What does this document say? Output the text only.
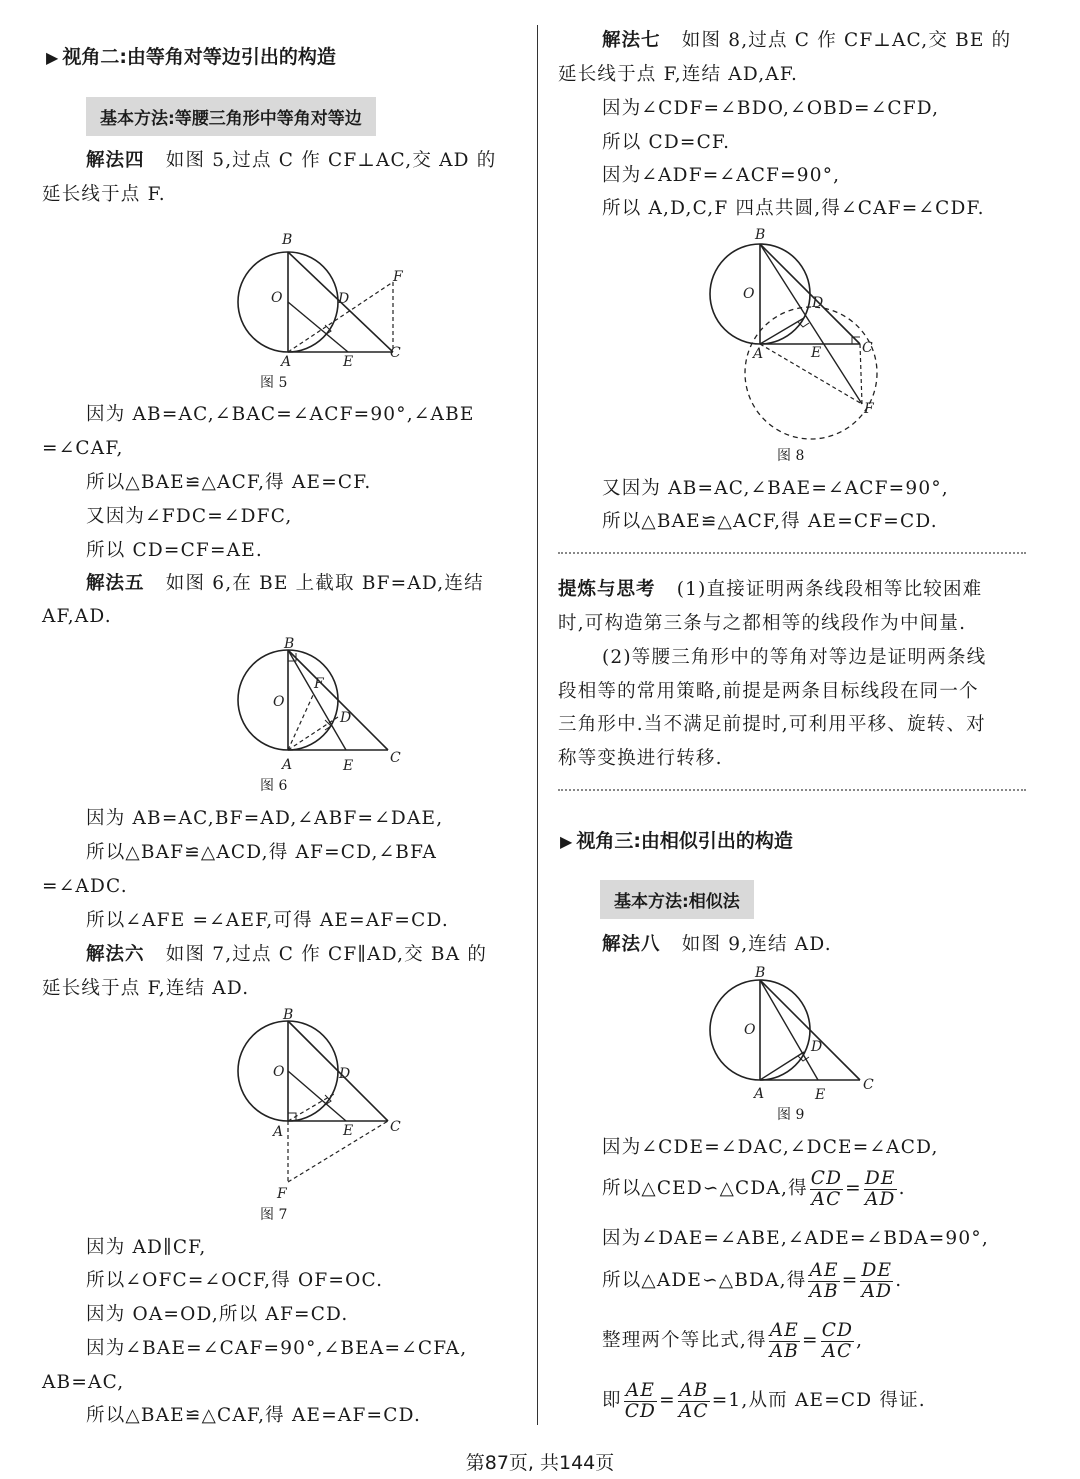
▶ 视角二:由等角对等边引出的构造
基本方法:等腰三角形中等角对等边
解法四 如图 5,过点 C 作 CF⊥AC,交 AD 的
延长线于点 F.
B
O	D
F
A	E
C
B
O
F
D
A	E	C
B
O	D
A	E	C
F
图 5
因为 AB=AC,∠BAC=∠ACF=90°,∠ABE
=∠CAF,
所以△BAE≌△ACF,得 AE=CF.
又因为∠FDC=∠DFC,
所以 CD=CF=AE.
解法五 如图 6,在 BE 上截取 BF=AD,连结
AF,AD.
图 6
因为 AB=AC,BF=AD,∠ABF=∠DAE,
所以△BAF≌△ACD,得 AF=CD,∠BFA
=∠ADC.
所以∠AFE =∠AEF,可得 AE=AF=CD.
解法六 如图 7,过点 C 作 CF∥AD,交 BA 的
延长线于点 F,连结 AD.
图 7
因为 AD∥CF,
所以∠OFC=∠OCF,得 OF=OC.
因为 OA=OD,所以 AF=CD.
因为∠BAE=∠CAF=90°,∠BEA=∠CFA,
AB=AC,
所以△BAE≌△CAF,得 AE=AF=CD.
解法七 如图 8,过点 C 作 CF⊥AC,交 BE 的
延长线于点 F,连结 AD,AF.
因为∠CDF=∠BDO,∠OBD=∠CFD,
所以 CD=CF.
因为∠ADF=∠ACF=90°,
所以 A,D,C,F 四点共圆,得∠CAF=∠CDF.
B
O
D
A	E	C
F
B
O
D
A	E
C
图 8
又因为 AB=AC,∠BAE=∠ACF=90°,
所以△BAE≌△ACF,得 AE=CF=CD.
提炼与思考 (1)直接证明两条线段相等比较困难
时,可构造第三条与之都相等的线段作为中间量.
(2)等腰三角形中的等角对等边是证明两条线
段相等的常用策略,前提是两条目标线段在同一个
三角形中.当不满足前提时,可利用平移、旋转、对
称等变换进行转移.
▶ 视角三:由相似引出的构造
基本方法:相似法
解法八 如图 9,连结 AD.
图 9
因为∠CDE=∠DAC,∠DCE=∠ACD,
所以△CED∽△CDA,得 $\frac{CD}{AC} = \frac{DE}{AD}$ .
因为∠DAE=∠ABE,∠ADE=∠BDA=90°,
所以△ADE∽△BDA,得 $\frac{AE}{AB} = \frac{DE}{AD}$ .
整理两个等比式,得 $\frac{AE}{AB} = \frac{CD}{AC}$ ,
即 $\frac{AE}{CD} = \frac{AB}{AC} =1$,从而 AE=CD 得证.
第87页, 共144页
